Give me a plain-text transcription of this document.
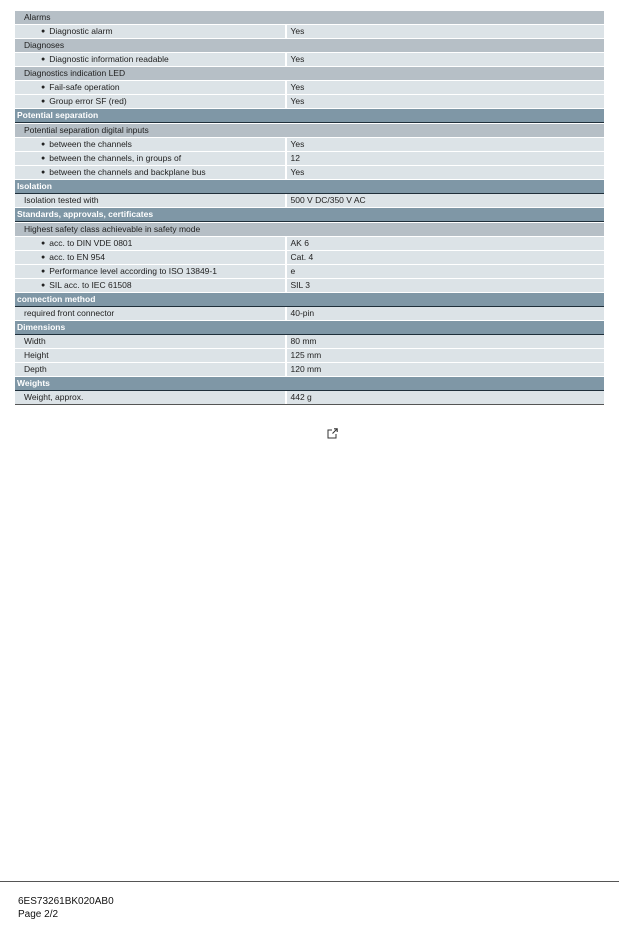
Alarms
● Diagnostic alarm	Yes
Diagnoses
● Diagnostic information readable	Yes
Diagnostics indication LED
● Fail-safe operation	Yes
● Group error SF (red)	Yes
Potential separation
Potential separation digital inputs
● between the channels	Yes
● between the channels, in groups of	12
● between the channels and backplane bus	Yes
Isolation
Isolation tested with	500 V DC/350 V AC
Standards, approvals, certificates
Highest safety class achievable in safety mode
● acc. to DIN VDE 0801	AK 6
● acc. to EN 954	Cat. 4
● Performance level according to ISO 13849-1	e
● SIL acc. to IEC 61508	SIL 3
connection method
required front connector	40-pin
Dimensions
Width	80 mm
Height	125 mm
Depth	120 mm
Weights
Weight, approx.	442 g
6ES73261BK020AB0
Page 2/2
